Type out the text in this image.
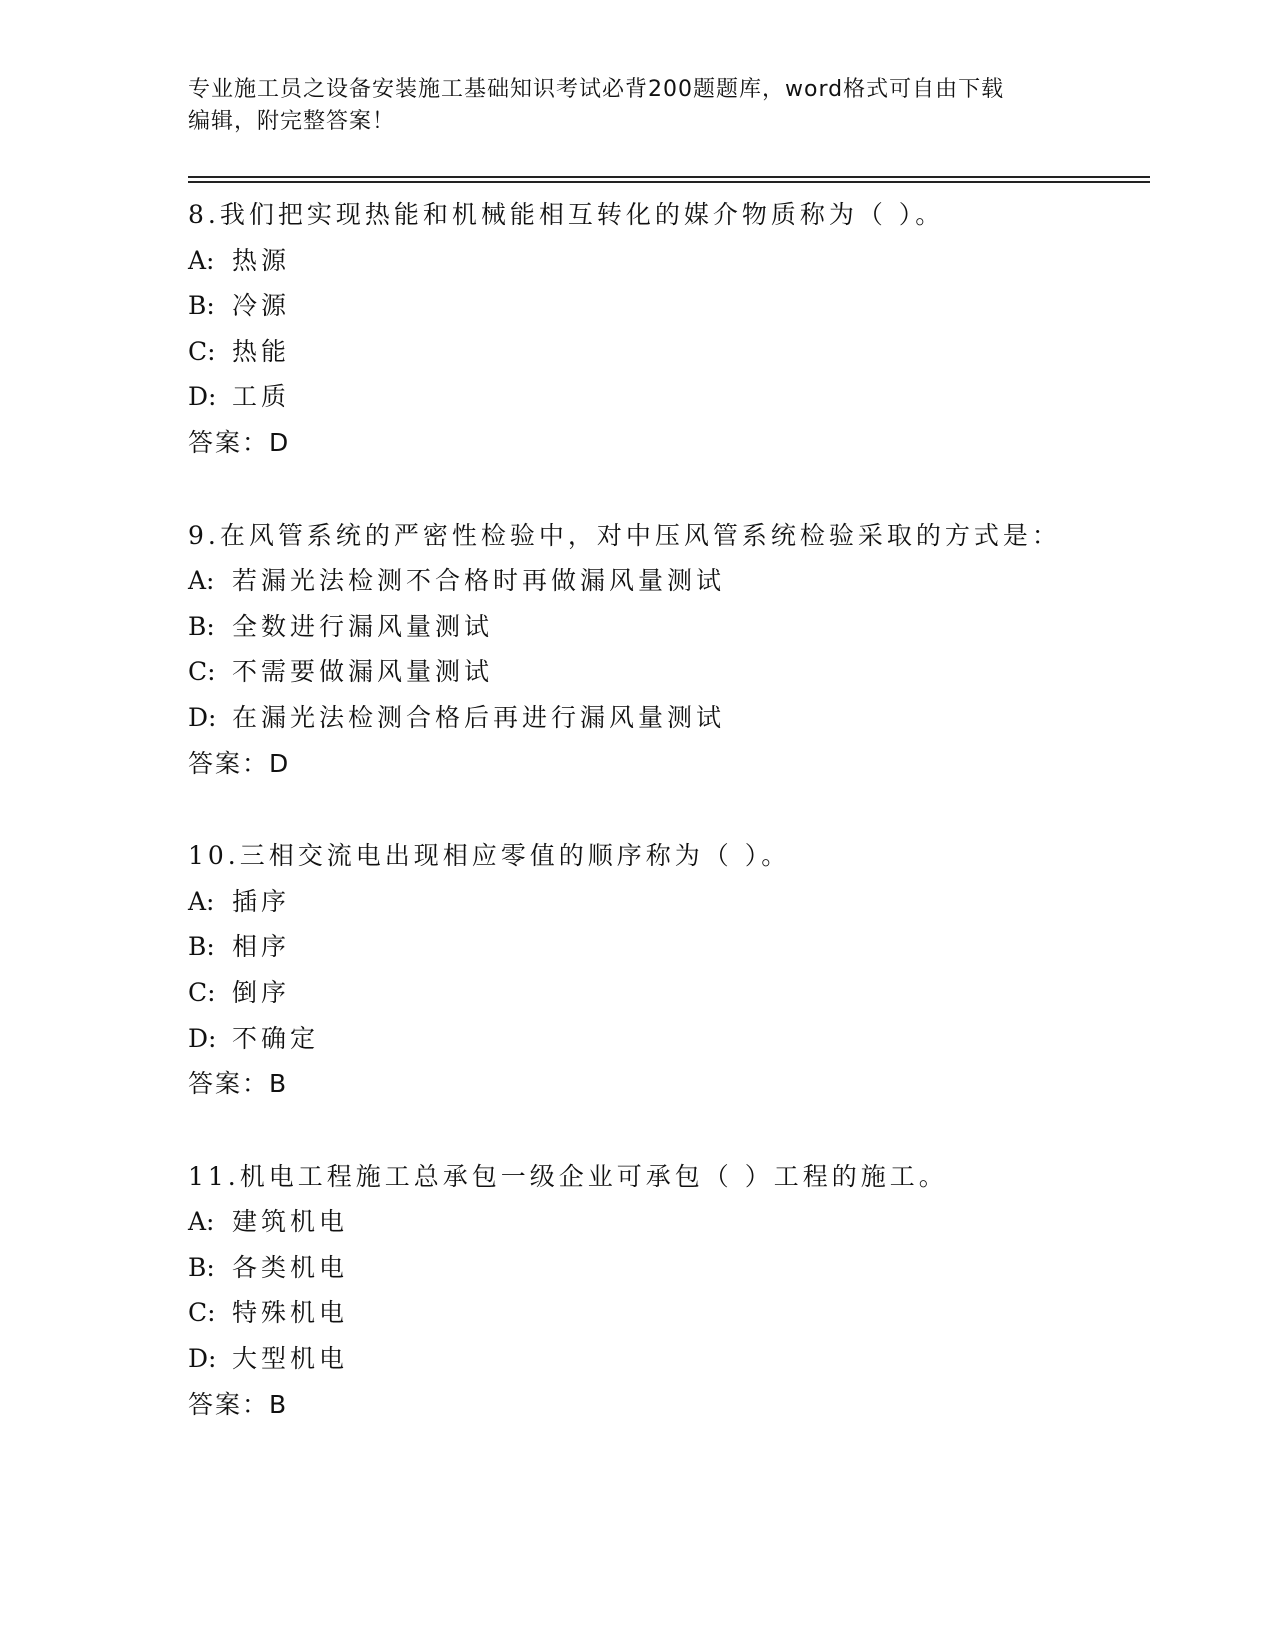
专业施工员之设备安装施工基础知识考试必背200题题库，word格式可自由下载
编辑，附完整答案！
8.我们把实现热能和机械能相互转化的媒介物质称为（ ）。
A: 热源
B: 冷源
C: 热能
D: 工质
答案：D
9.在风管系统的严密性检验中，对中压风管系统检验采取的方式是：
A: 若漏光法检测不合格时再做漏风量测试
B: 全数进行漏风量测试
C: 不需要做漏风量测试
D: 在漏光法检测合格后再进行漏风量测试
答案：D
10.三相交流电出现相应零值的顺序称为（ ）。
A: 插序
B: 相序
C: 倒序
D: 不确定
答案：B
11.机电工程施工总承包一级企业可承包（ ）工程的施工。
A: 建筑机电
B: 各类机电
C: 特殊机电
D: 大型机电
答案：B
